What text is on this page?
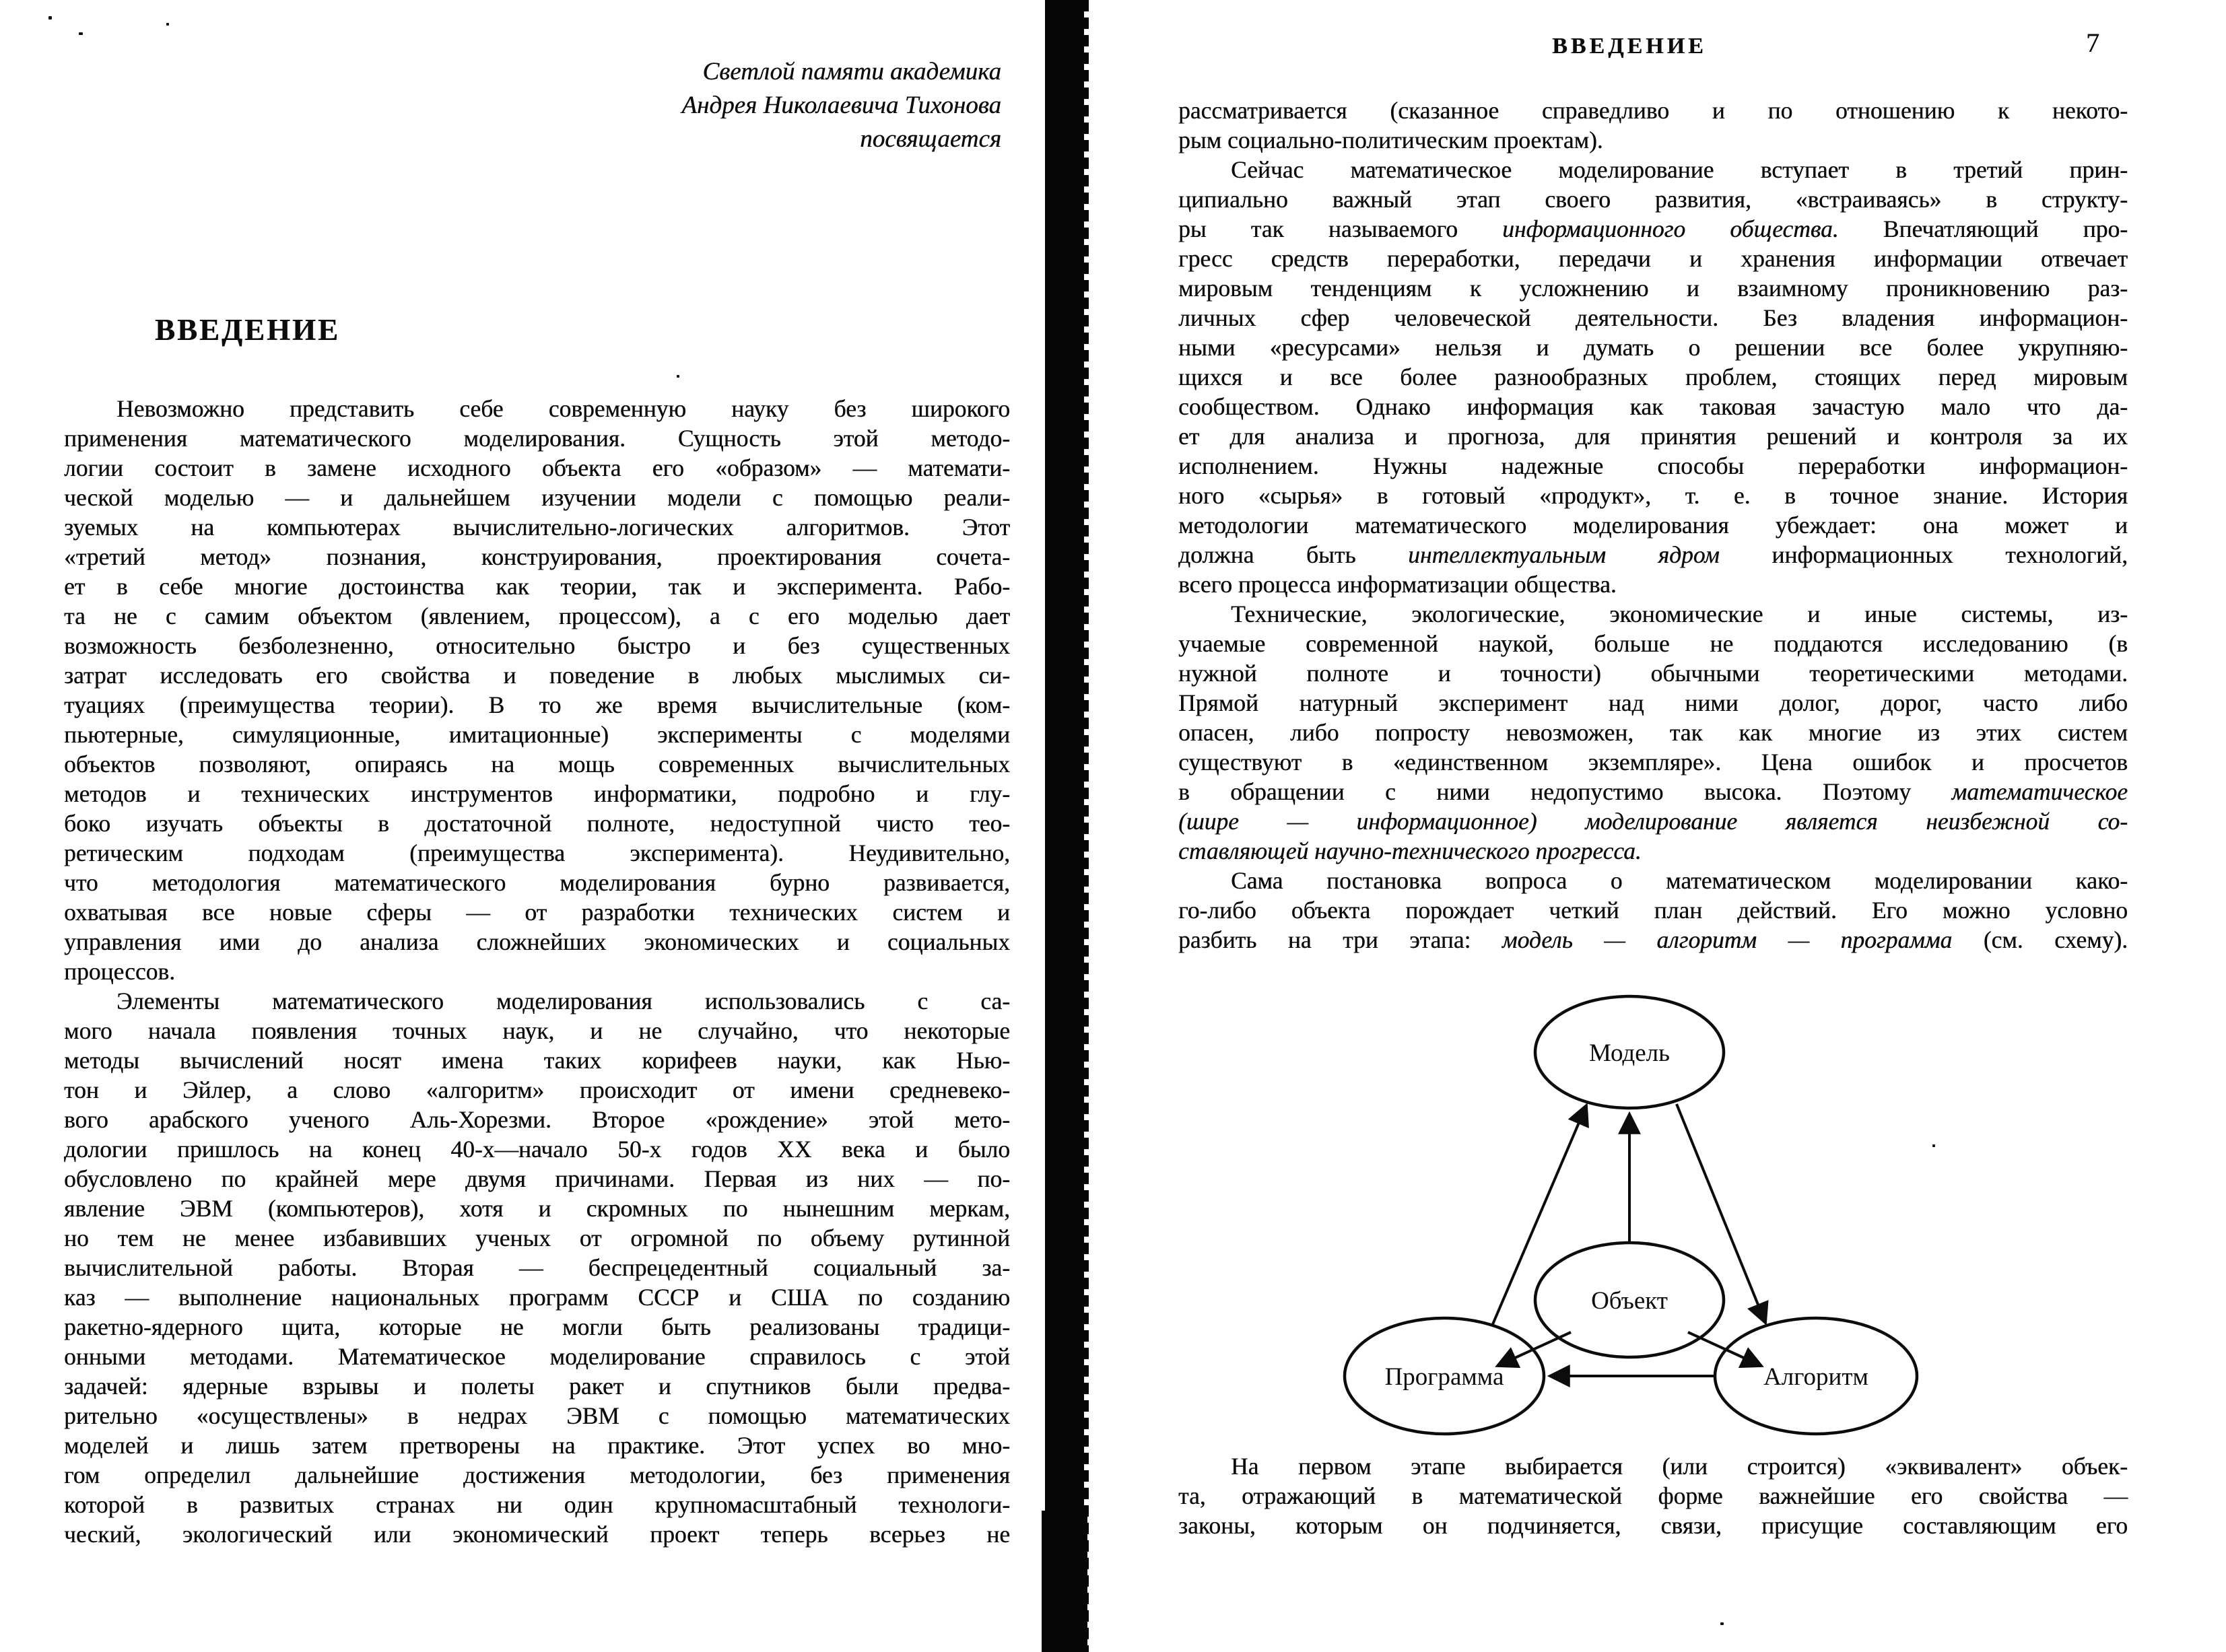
Светлой памяти академика
Андрея Николаевича Тихонова
посвящается
ВВЕДЕНИЕ
Невозможно представить себе современную науку без широкого
применения математического моделирования. Сущность этой методо-
логии состоит в замене исходного объекта его «образом» — математи-
ческой моделью — и дальнейшем изучении модели с помощью реали-
зуемых на компьютерах вычислительно-логических алгоритмов. Этот
«третий метод» познания, конструирования, проектирования сочета-
ет в себе многие достоинства как теории, так и эксперимента. Рабо-
та не с самим объектом (явлением, процессом), а с его моделью дает
возможность безболезненно, относительно быстро и без существенных
затрат исследовать его свойства и поведение в любых мыслимых си-
туациях (преимущества теории). В то же время вычислительные (ком-
пьютерные, симуляционные, имитационные) эксперименты с моделями
объектов позволяют, опираясь на мощь современных вычислительных
методов и технических инструментов информатики, подробно и глу-
боко изучать объекты в достаточной полноте, недоступной чисто тео-
ретическим подходам (преимущества эксперимента). Неудивительно,
что методология математического моделирования бурно развивается,
охватывая все новые сферы — от разработки технических систем и
управления ими до анализа сложнейших экономических и социальных
процессов.
Элементы математического моделирования использовались с са-
мого начала появления точных наук, и не случайно, что некоторые
методы вычислений носят имена таких корифеев науки, как Нью-
тон и Эйлер, а слово «алгоритм» происходит от имени средневеко-
вого арабского ученого Аль-Хорезми. Второе «рождение» этой мето-
дологии пришлось на конец 40-х—начало 50-х годов XX века и было
обусловлено по крайней мере двумя причинами. Первая из них — по-
явление ЭВМ (компьютеров), хотя и скромных по нынешним меркам,
но тем не менее избавивших ученых от огромной по объему рутинной
вычислительной работы. Вторая — беспрецедентный социальный за-
каз — выполнение национальных программ СССР и США по созданию
ракетно-ядерного щита, которые не могли быть реализованы традици-
онными методами. Математическое моделирование справилось с этой
задачей: ядерные взрывы и полеты ракет и спутников были предва-
рительно «осуществлены» в недрах ЭВМ с помощью математических
моделей и лишь затем претворены на практике. Этот успех во мно-
гом определил дальнейшие достижения методологии, без применения
которой в развитых странах ни один крупномасштабный технологи-
ческий, экологический или экономический проект теперь всерьез не
ВВЕДЕНИЕ	7
рассматривается (сказанное справедливо и по отношению к некото-
рым социально-политическим проектам).
Сейчас математическое моделирование вступает в третий прин-
ципиально важный этап своего развития, «встраиваясь» в структу-
ры так называемого информационного общества. Впечатляющий про-
гресс средств переработки, передачи и хранения информации отвечает
мировым тенденциям к усложнению и взаимному проникновению раз-
личных сфер человеческой деятельности. Без владения информацион-
ными «ресурсами» нельзя и думать о решении все более укрупняю-
щихся и все более разнообразных проблем, стоящих перед мировым
сообществом. Однако информация как таковая зачастую мало что да-
ет для анализа и прогноза, для принятия решений и контроля за их
исполнением. Нужны надежные способы переработки информацион-
ного «сырья» в готовый «продукт», т. е. в точное знание. История
методологии математического моделирования убеждает: она может и
должна быть интеллектуальным ядром информационных технологий,
всего процесса информатизации общества.
Технические, экологические, экономические и иные системы, из-
учаемые современной наукой, больше не поддаются исследованию (в
нужной полноте и точности) обычными теоретическими методами.
Прямой натурный эксперимент над ними долог, дорог, часто либо
опасен, либо попросту невозможен, так как многие из этих систем
существуют в «единственном экземпляре». Цена ошибок и просчетов
в обращении с ними недопустимо высока. Поэтому математическое
(шире — информационное) моделирование является неизбежной со-
ставляющей научно-технического прогресса.
Сама постановка вопроса о математическом моделировании како-
го-либо объекта порождает четкий план действий. Его можно условно
разбить на три этапа: модель — алгоритм — программа (см. схему).
Модель
Объект
Программа	Алгоритм
На первом этапе выбирается (или строится) «эквивалент» объек-
та, отражающий в математической форме важнейшие его свойства —
законы, которым он подчиняется, связи, присущие составляющим его
